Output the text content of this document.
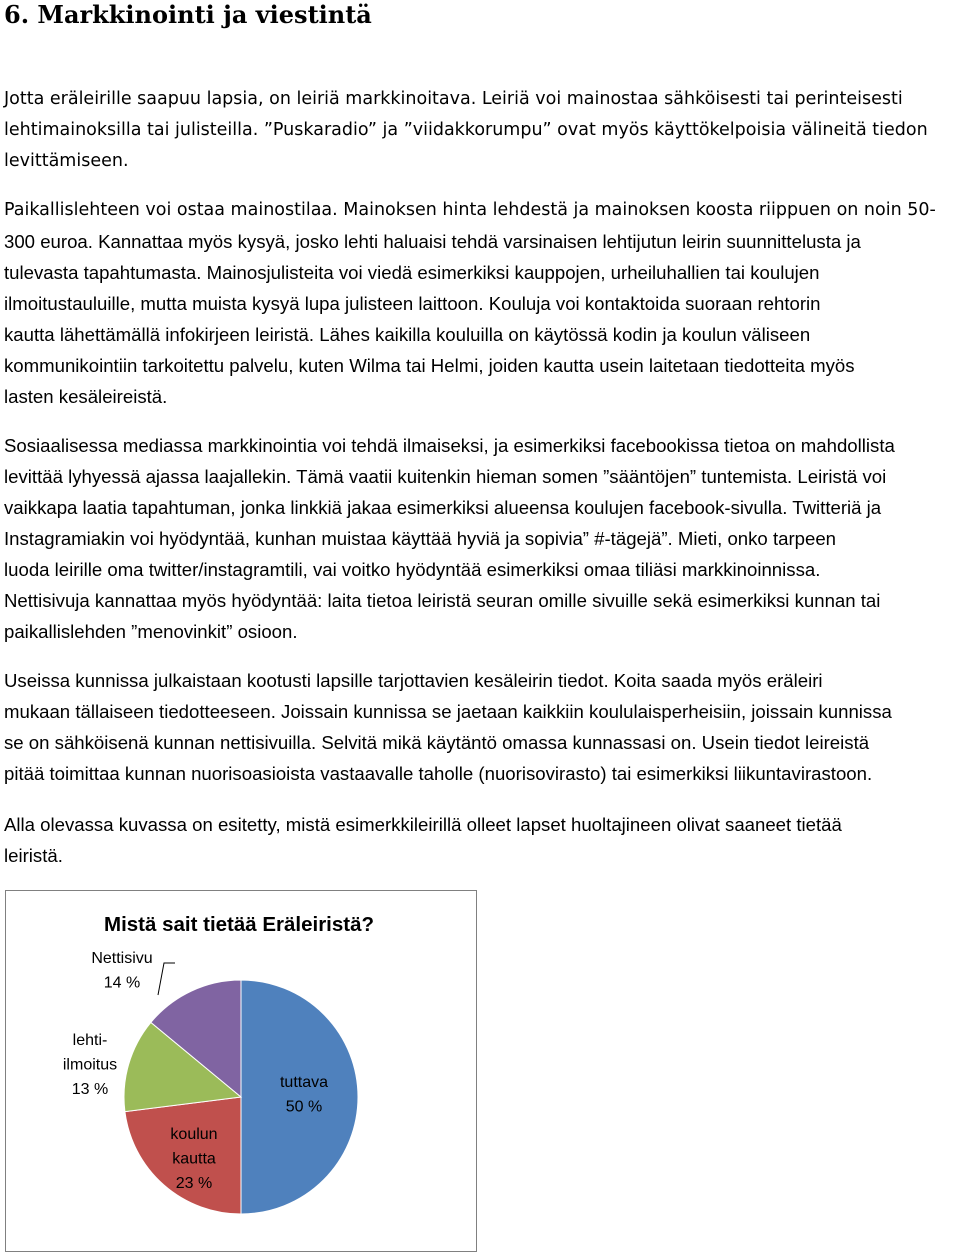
6. Markkinointi ja viestintä
Jotta eräleirille saapuu lapsia, on leiriä markkinoitava. Leiriä voi mainostaa sähköisesti tai perinteisesti
lehtimainoksilla tai julisteilla. ”Puskaradio” ja ”viidakkorumpu” ovat myös käyttökelpoisia välineitä tiedon
levittämiseen.
Paikallislehteen voi ostaa mainostilaa. Mainoksen hinta lehdestä ja mainoksen koosta riippuen on noin 50-
300 euroa. Kannattaa myös kysyä, josko lehti haluaisi tehdä varsinaisen lehtijutun leirin suunnittelusta ja
tulevasta tapahtumasta. Mainosjulisteita voi viedä esimerkiksi kauppojen, urheiluhallien tai koulujen
ilmoitustauluille, mutta muista kysyä lupa julisteen laittoon. Kouluja voi kontaktoida suoraan rehtorin
kautta lähettämällä infokirjeen leiristä. Lähes kaikilla kouluilla on käytössä kodin ja koulun väliseen
kommunikointiin tarkoitettu palvelu, kuten Wilma tai Helmi, joiden kautta usein laitetaan tiedotteita myös
lasten kesäleireistä.
Sosiaalisessa mediassa markkinointia voi tehdä ilmaiseksi, ja esimerkiksi facebookissa tietoa on mahdollista
levittää lyhyessä ajassa laajallekin. Tämä vaatii kuitenkin hieman somen ”sääntöjen” tuntemista. Leiristä voi
vaikkapa laatia tapahtuman, jonka linkkiä jakaa esimerkiksi alueensa koulujen facebook-sivulla. Twitteriä ja
Instagramiakin voi hyödyntää, kunhan muistaa käyttää hyviä ja sopivia” #-tägejä”. Mieti, onko tarpeen
luoda leirille oma twitter/instagramtili, vai voitko hyödyntää esimerkiksi omaa tiliäsi markkinoinnissa.
Nettisivuja kannattaa myös hyödyntää: laita tietoa leiristä seuran omille sivuille sekä esimerkiksi kunnan tai
paikallislehden ”menovinkit” osioon.
Useissa kunnissa julkaistaan kootusti lapsille tarjottavien kesäleirin tiedot. Koita saada myös eräleiri
mukaan tällaiseen tiedotteeseen. Joissain kunnissa se jaetaan kaikkiin koululaisperheisiin, joissain kunnissa
se on sähköisenä kunnan nettisivuilla. Selvitä mikä käytäntö omassa kunnassasi on. Usein tiedot leireistä
pitää toimittaa kunnan nuorisoasioista vastaavalle taholle (nuorisovirasto) tai esimerkiksi liikuntavirastoon.
Alla olevassa kuvassa on esitetty, mistä esimerkkileirillä olleet lapset huoltajineen olivat saaneet tietää
leiristä.
Mistä sait tietää Eräleiristä?
tuttava 50 %
koulun kautta 23 %
lehti-ilmoitus 13 %
Nettisivu 14 %
